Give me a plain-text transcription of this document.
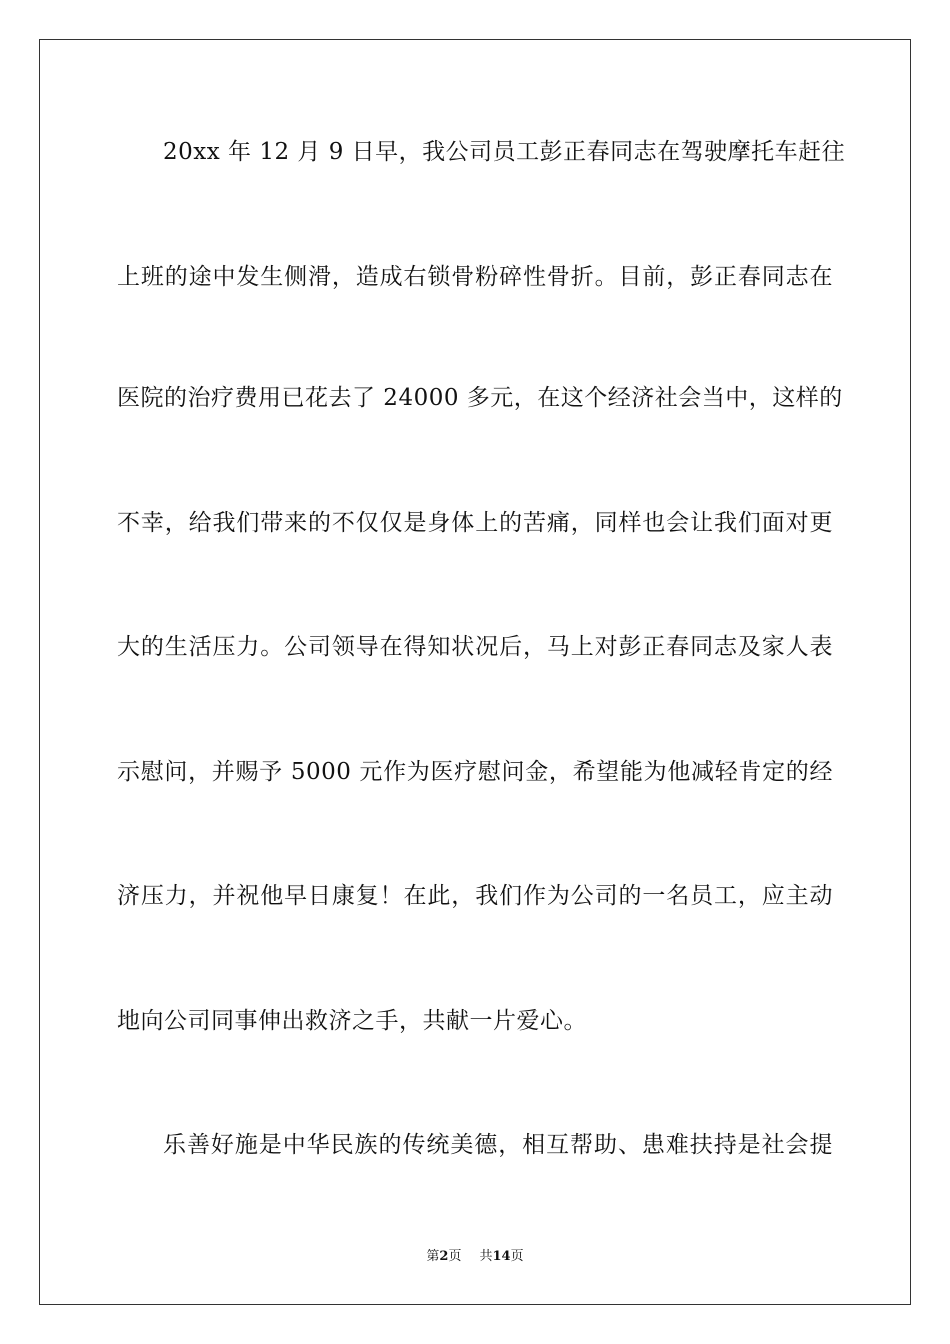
20xx 年 12 月 9 日早，我公司员工彭正春同志在驾驶摩托车赶往
上班的途中发生侧滑，造成右锁骨粉碎性骨折。目前，彭正春同志在
医院的治疗费用已花去了 24000 多元，在这个经济社会当中，这样的
不幸，给我们带来的不仅仅是身体上的苦痛，同样也会让我们面对更
大的生活压力。公司领导在得知状况后，马上对彭正春同志及家人表
示慰问，并赐予 5000 元作为医疗慰问金，希望能为他减轻肯定的经
济压力，并祝他早日康复！在此，我们作为公司的一名员工，应主动
地向公司同事伸出救济之手，共献一片爱心。
乐善好施是中华民族的传统美德，相互帮助、患难扶持是社会提
第2页 共14页
